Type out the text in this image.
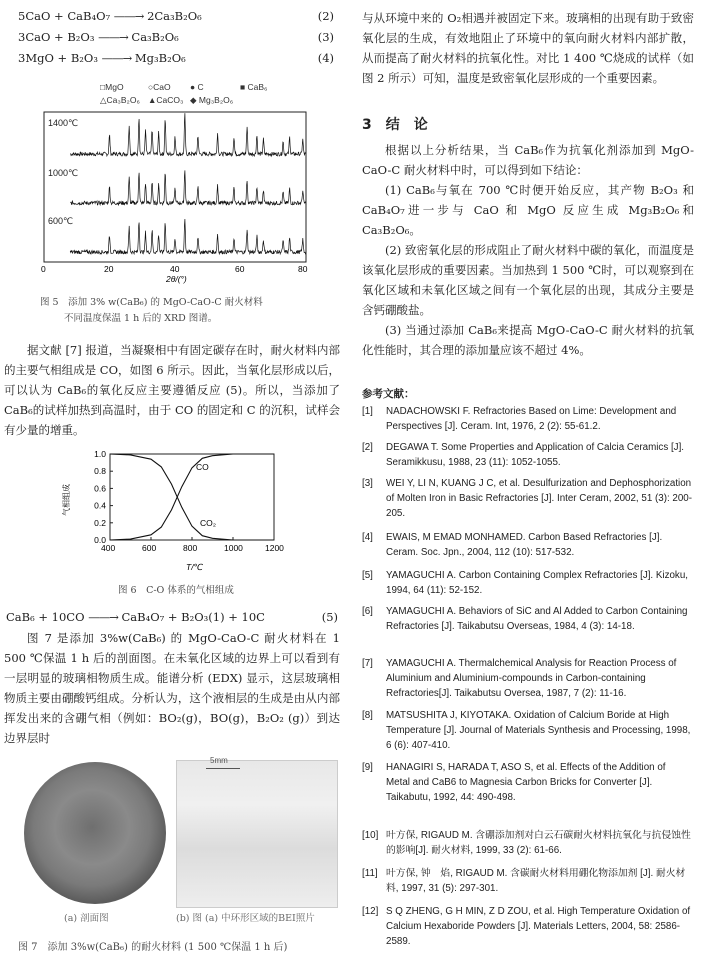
5CaO + CaB₄O₇ ——→ 2Ca₃B₂O₆	(2)
3CaO + B₂O₃ ——→ Ca₃B₂O₆	(3)
3MgO + B₂O₃ ——→ Mg₃B₂O₆	(4)
□MgO	○CaO ● C	■ CaB₆
△Ca₃B₂O₆ ▲CaCO₃ ◆ Mg₃B₂O₆
1400℃
1000℃
600℃
0	20	40	60	80
2θ/(°)
图 5　添加 3% w(CaB₆) 的 MgO-CaO-C 耐火材料
不同温度保温 1 h 后的 XRD 图谱。
据文献 [7] 报道，当凝聚相中有固定碳存在时，耐火材料内部的主要气相组成是 CO，如图 6 所示。因此，当氧化层形成以后，可以认为 CaB₆的氧化反应主要遵循反应 (5)。所以，当添加了 CaB₆的试样加热到高温时，由于 CO 的固定和 C 的沉积，试样会有少量的增重。
气相组成
400	600	800	1000	1200
0.0
0.2
0.4
0.6
0.8
1.0
CO
CO₂
T/℃
图 6　C-O 体系的气相组成
CaB₆ + 10CO ——→ CaB₄O₇ + B₂O₃(1) + 10C	(5)
图 7 是添加 3%w(CaB₆) 的 MgO-CaO-C 耐火材料在 1 500 ℃保温 1 h 后的剖面图。在未氧化区域的边界上可以看到有一层明显的玻璃相物质生成。能谱分析 (EDX) 显示，这层玻璃相物质主要由硼酸钙组成。分析认为，这个液相层的生成是由从内部挥发出来的含硼气相（例如：BO₂(g)，BO(g)，B₂O₂ (g)）到达边界层时
5mm
(a) 剖面图	(b) 图 (a) 中环形区域的BEI照片
图 7　添加 3%w(CaB₆) 的耐火材料 (1 500 ℃保温 1 h 后)
与从环境中来的 O₂相遇并被固定下来。玻璃相的出现有助于致密氧化层的生成，有效地阻止了环境中的氧向耐火材料内部扩散，从而提高了耐火材料的抗氧化性。对比 1 400 ℃烧成的试样（如图 2 所示）可知，温度是致密氧化层形成的一个重要因素。
3　结　论
根据以上分析结果，当 CaB₆作为抗氧化剂添加到 MgO-CaO-C 耐火材料中时，可以得到如下结论：
(1) CaB₆与氧在 700 ℃时便开始反应，其产物 B₂O₃ 和 CaB₄O₇进一步与 CaO 和 MgO 反应生成 Mg₃B₂O₆和 Ca₃B₂O₆。
(2) 致密氧化层的形成阻止了耐火材料中碳的氧化，而温度是该氧化层形成的重要因素。当加热到 1 500 ℃时，可以观察到在氧化区域和未氧化区域之间有一个氧化层的出现，其成分主要是含钙硼酸盐。
(3) 当通过添加 CaB₆来提高 MgO-CaO-C 耐火材料的抗氧化性能时，其合理的添加量应该不超过 4%。
参考文献：
[1] NADACHOWSKI F. Refractories Based on Lime: Development and Perspectives [J]. Ceram. Int, 1976, 2 (2): 55-61.2.
[2] DEGAWA T. Some Properties and Application of Calcia Ceramics [J]. Seramikkusu, 1988, 23 (11): 1052-1055.
[3] WEI Y, LI N, KUANG J C, et al. Desulfurization and Dephosphorization of Molten Iron in Basic Refractories [J]. Inter Ceram, 2002, 51 (3): 200-205.
[4] EWAIS, M EMAD MONHAMED. Carbon Based Refractories [J]. Ceram. Soc. Jpn., 2004, 112 (10): 517-532.
[5] YAMAGUCHI A. Carbon Containing Complex Refractories [J]. Kizoku, 1994, 64 (11): 52-152.
[6] YAMAGUCHI A. Behaviors of SiC and Al Added to Carbon Containing Refractories [J]. Taikabutsu Overseas, 1984, 4 (3): 14-18.
[7] YAMAGUCHI A. Thermalchemical Analysis for Reaction Process of Aluminium and Aluminium-compounds in Carbon-containing Refractories[J]. Taikabutsu Oversea, 1987, 7 (2): 11-16.
[8] MATSUSHITA J, KIYOTAKA. Oxidation of Calcium Boride at High Temperature [J]. Journal of Materials Synthesis and Processing, 1998, 6 (6): 407-410.
[9] HANAGIRI S, HARADA T, ASO S, et al. Effects of the Addition of Metal and CaB6 to Magnesia Carbon Bricks for Converter [J]. Taikabutu, 1992, 44: 490-498.
[10] 叶方保, RIGAUD M. 含硼添加剂对白云石碳耐火材料抗氧化与抗侵蚀性的影响[J]. 耐火材料, 1999, 33 (2): 61-66.
[11] 叶方保, 钟　焰, RIGAUD M. 含碳耐火材料用硼化物添加剂 [J]. 耐火材料, 1997, 31 (5): 297-301.
[12] S Q ZHENG, G H MIN, Z D ZOU, et al. High Temperature Oxidation of Calcium Hexaboride Powders [J]. Materials Letters, 2004, 58: 2586-2589.
